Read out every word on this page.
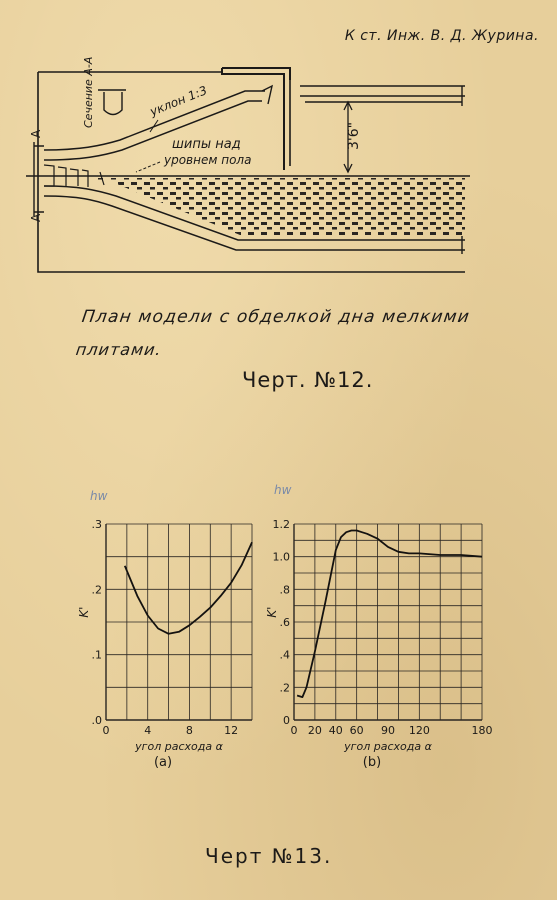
К ст. Инж. В. Д. Журина.
А
А
Сечение А-А	уклон 1:3
шипы над
уровнем пола
3'6"
План модели с обделкой дна мелкими
плитами.
Черт. №12.
hw	hw
0	4	8	12
.0
.1
.2
.3
угол расхода α
K'
(а)
0 20 40 60 90 120	180
0
.2
.4
.6
.8
1.0
1.2
угол расхода α
K'
(b)
Черт №13.
